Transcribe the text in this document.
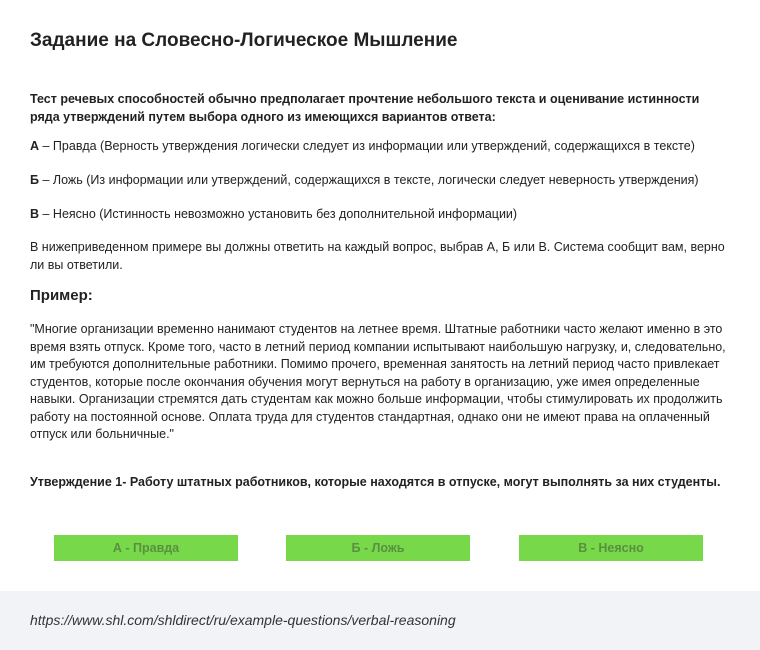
Задание на Словесно-Логическое Мышление

Тест речевых способностей обычно предполагает прочтение небольшого текста и оценивание истинности ряда утверждений путем выбора одного из имеющихся вариантов ответа:

А – Правда (Верность утверждения логически следует из информации или утверждений, содержащихся в тексте)

Б – Ложь (Из информации или утверждений, содержащихся в тексте, логически следует неверность утверждения)

В – Неясно (Истинность невозможно установить без дополнительной информации)

В нижеприведенном примере вы должны ответить на каждый вопрос, выбрав А, Б или В. Система сообщит вам, верно ли вы ответили.

Пример:

"Многие организации временно нанимают студентов на летнее время. Штатные работники часто желают именно в это время взять отпуск. Кроме того, часто в летний период компании испытывают наибольшую нагрузку, и, следовательно, им требуются дополнительные работники. Помимо прочего, временная занятость на летний период часто привлекает студентов, которые после окончания обучения могут вернуться на работу в организацию, уже имея определенные навыки. Организации стремятся дать студентам как можно больше информации, чтобы стимулировать их продолжить работу на постоянной основе. Оплата труда для студентов стандартная, однако они не имеют права на оплаченный отпуск или больничные."

Утверждение 1- Работу штатных работников, которые находятся в отпуске, могут выполнять за них студенты.

А - Правда	Б - Ложь	В - Неясно
https://www.shl.com/shldirect/ru/example-questions/verbal-reasoning
